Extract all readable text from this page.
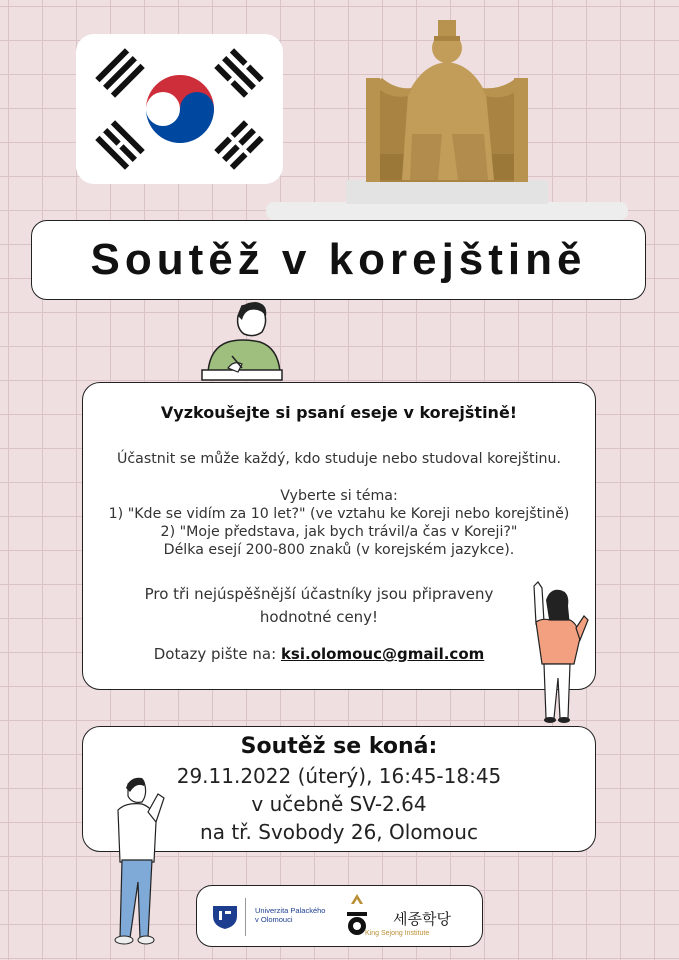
Soutěž v korejštině
Vyzkoušejte si psaní eseje v korejštině!
Účastnit se může každý, kdo studuje nebo studoval korejštinu.
Vyberte si téma:
1) "Kde se vidím za 10 let?" (ve vztahu ke Koreji nebo korejštině)
2) "Moje představa, jak bych trávil/a čas v Koreji?"
Délka esejí 200-800 znaků (v korejském jazykce).
Pro tři nejúspěšnější účastníky jsou připraveny
hodnotné ceny!
Dotazy pište na: ksi.olomouc@gmail.com
Soutěž se koná:
29.11.2022 (úterý), 16:45-18:45
v učebně SV-2.64
na tř. Svobody 26, Olomouc
Univerzita Palackého
v Olomouci	세종학당
King Sejong Institute
